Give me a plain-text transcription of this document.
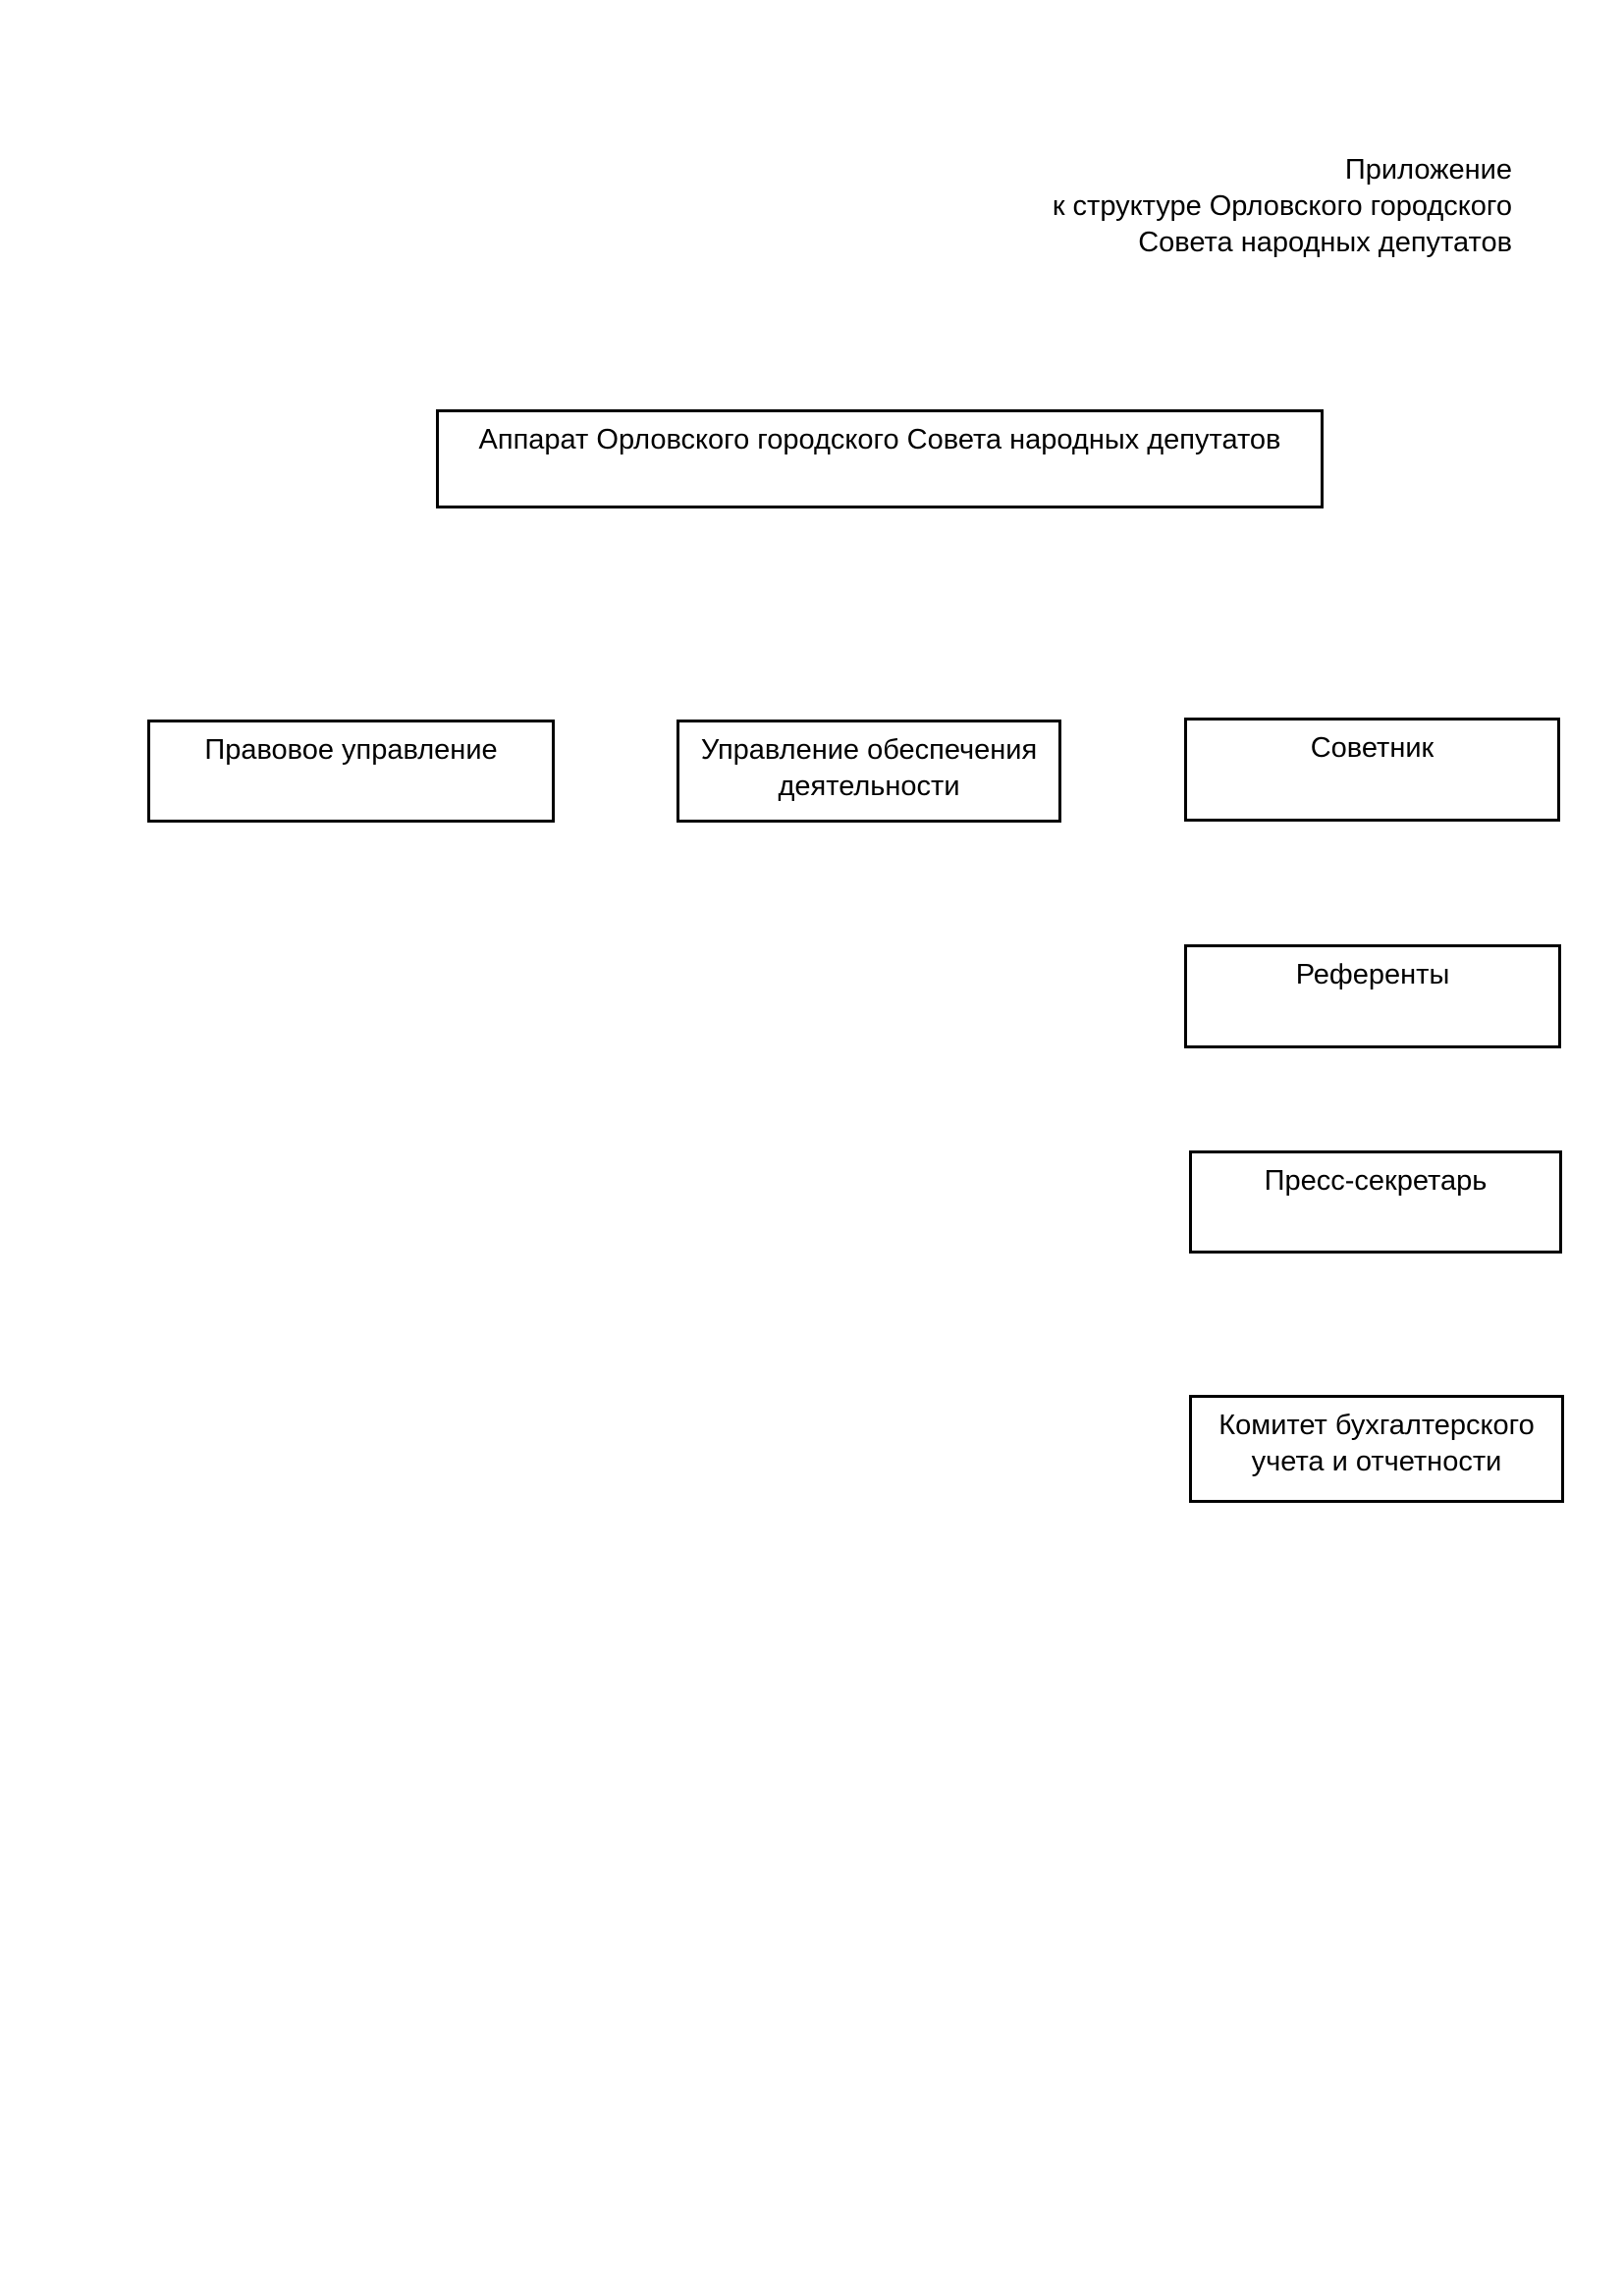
Приложение
к структуре Орловского городского
Совета народных депутатов
Аппарат Орловского городского Совета народных депутатов
Правовое управление	Управление обеспечения деятельности
Советник
Референты
Пресс-секретарь
Комитет бухгалтерского учета и отчетности
